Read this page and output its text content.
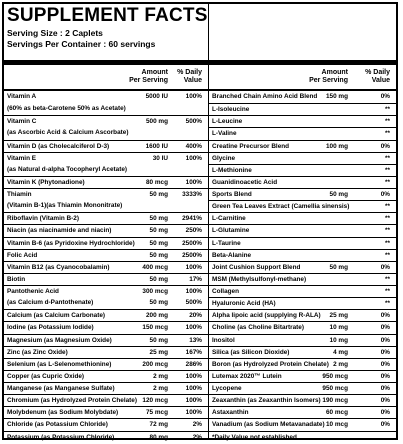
SUPPLEMENT FACTS
Serving Size : 2 Caplets
Servings Per Container : 60 servings
Amount
Per Serving
% Daily
Value
Vitamin A	5000 IU	100%
(60% as beta-Carotene 50% as Acetate)
Vitamin C	500 mg	500%
(as Ascorbic Acid & Calcium Ascorbate)
Vitamin D (as Cholecalciferol D-3)	1600 IU	400%
Vitamin E	30 IU	100%
(as Natural d-alpha Tocopheryl Acetate)
Vitamin K (Phytonadione)	80 mcg	100%
Thiamin	50 mg	3333%
(Vitamin B-1)(as Thiamin Mononitrate)
Riboflavin (Vitamin B-2)	50 mg	2941%
Niacin (as niacinamide and niacin)	50 mg	250%
Vitamin B-6 (as Pyridoxine Hydrochloride)	50 mg	2500%
Folic Acid	50 mg	2500%
Vitamin B12 (as Cyanocobalamin)	400 mcg	100%
Biotin	50 mg	17%
Pantothenic Acid	300 mcg	100%
(as Calcium d-Pantothenate)	50 mg	500%
Calcium (as Calcium Carbonate)	200 mg	20%
Iodine (as Potassium Iodide)	150 mcg	100%
Magnesium (as Magnesium Oxide)	50 mg	13%
Zinc (as Zinc Oxide)	25 mg	167%
Selenium (as L-Selenomethionine)	200 mcg	286%
Copper (as Cupric Oxide)	2 mg	100%
Manganese (as Manganese Sulfate)	2 mg	100%
Chromium (as Hydrolyzed Protein Chelate) 120 mcg	100%
Molybdenum (as Sodium Molybdate)	75 mcg	100%
Chloride (as Potassium Chloride)	72 mg	2%
Potassium (as Potassium Chloride)	80 mg	2%
Amount
Per Serving
% Daily
Value
Branched Chain Amino Acid Blend	150 mg	0%
L-Isoleucine	**
L-Leucine	**
L-Valine	**
Creatine Precursor Blend	100 mg	0%
Glycine	**
L-Methionine	**
Guanidinoacetic Acid	**
Sports Blend	50 mg	0%
Green Tea Leaves Extract (Camellia sinensis)	**
L-Carnitine	**
L-Glutamine	**
L-Taurine	**
Beta-Alanine	**
Joint Cushion Support Blend	50 mg	0%
MSM (Methylsulfonyl-methane)	**
Collagen	**
Hyaluronic Acid (HA)	**
Alpha lipoic acid (supplying R-ALA)	25 mg	0%
Choline (as Choline Bitartrate)	10 mg	0%
Inositol	10 mg	0%
Silica (as Silicon Dioxide)	4 mg	0%
Boron (as Hydrolyzed Protein Chelate) 2 mg	0%
Lutemax 2020™ Lutein	950 mcg	0%
Lycopene	950 mcg	0%
Zeaxanthin (as Zeaxanthin Isomers) 190 mcg	0%
Astaxanthin	60 mcg	0%
Vanadium (as Sodium Metavanadate) 10 mcg	0%
*Daily Value not established
